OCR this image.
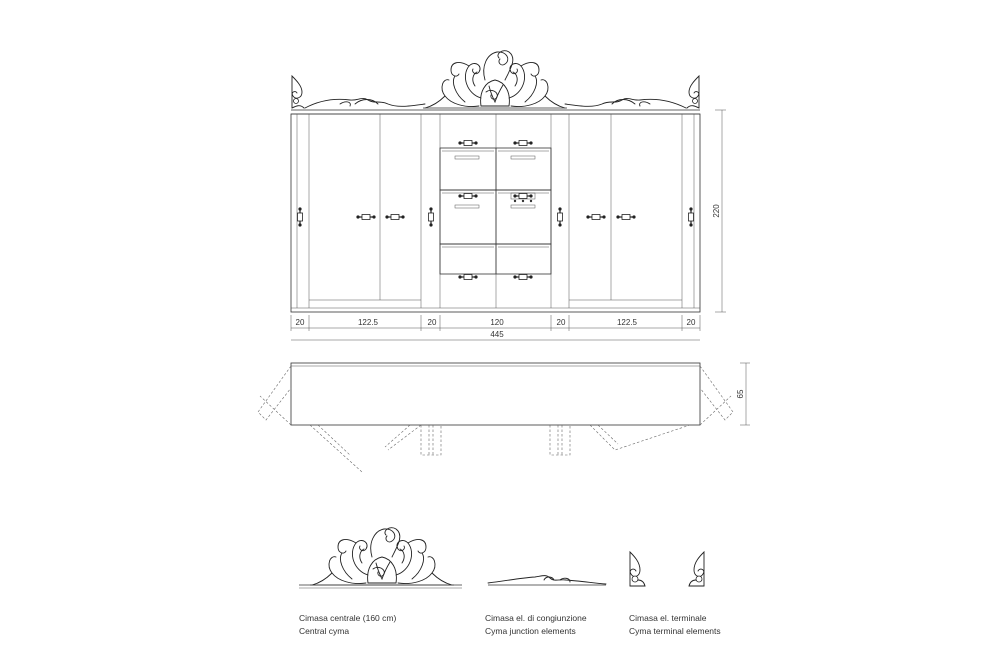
20	122.5	20	120	20	122.5	20
445
220
65
Cimasa centrale (160 cm)
Central cyma
Cimasa el. di congiunzione
Cyma junction elements
Cimasa el. terminale
Cyma terminal elements
